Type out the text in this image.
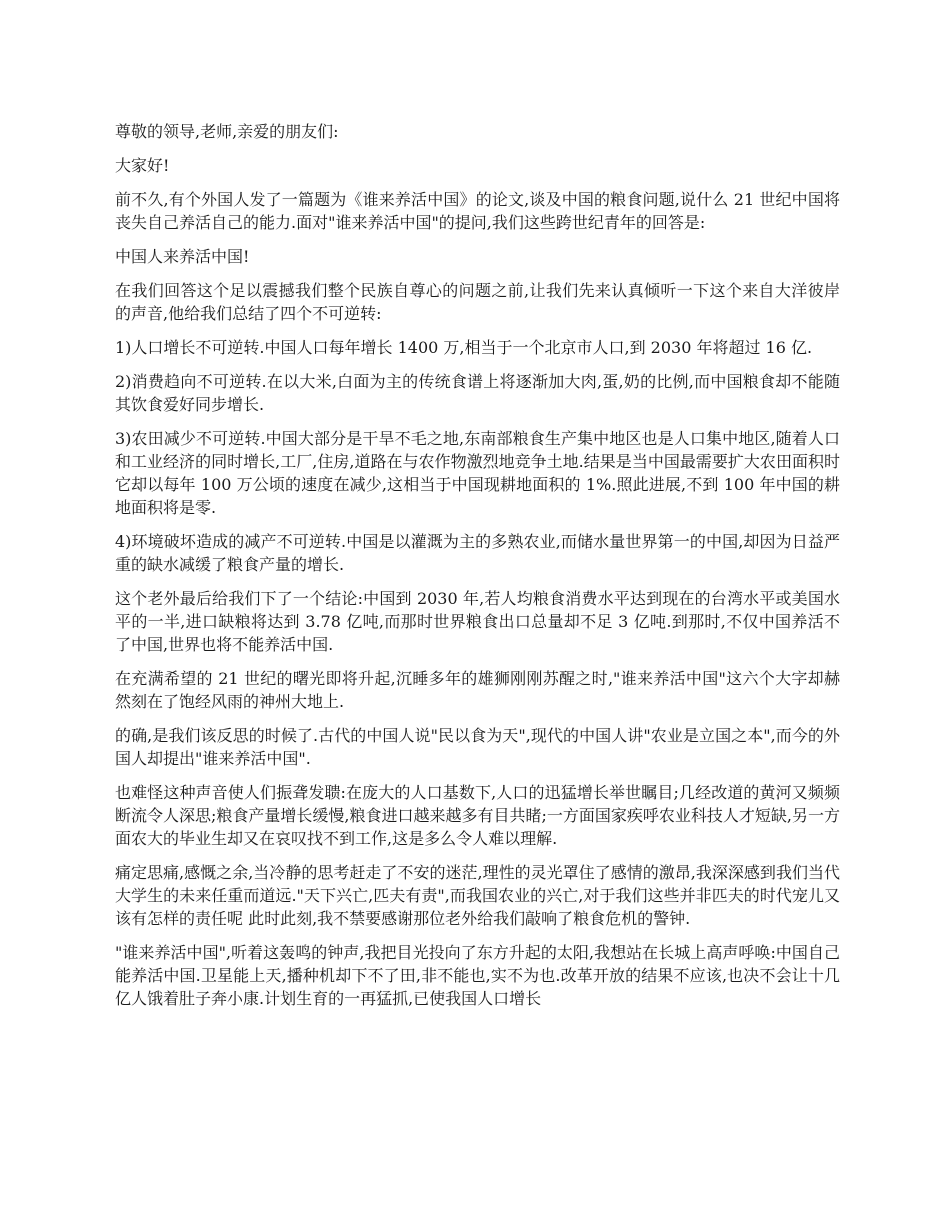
尊敬的领导,老师,亲爱的朋友们:

大家好!

前不久,有个外国人发了一篇题为《谁来养活中国》的论文,谈及中国的粮食问题,说什么 21 世纪中国将丧失自己养活自己的能力.面对"谁来养活中国"的提问,我们这些跨世纪青年的回答是:

中国人来养活中国!

在我们回答这个足以震撼我们整个民族自尊心的问题之前,让我们先来认真倾听一下这个来自大洋彼岸的声音,他给我们总结了四个不可逆转:

1)人口增长不可逆转.中国人口每年增长 1400 万,相当于一个北京市人口,到 2030 年将超过 16 亿.

2)消费趋向不可逆转.在以大米,白面为主的传统食谱上将逐渐加大肉,蛋,奶的比例,而中国粮食却不能随其饮食爱好同步增长.

3)农田减少不可逆转.中国大部分是干旱不毛之地,东南部粮食生产集中地区也是人口集中地区,随着人口和工业经济的同时增长,工厂,住房,道路在与农作物激烈地竞争土地.结果是当中国最需要扩大农田面积时它却以每年 100 万公顷的速度在减少,这相当于中国现耕地面积的 1%.照此进展,不到 100 年中国的耕地面积将是零.

4)环境破坏造成的减产不可逆转.中国是以灌溉为主的多熟农业,而储水量世界第一的中国,却因为日益严重的缺水减缓了粮食产量的增长.

这个老外最后给我们下了一个结论:中国到 2030 年,若人均粮食消费水平达到现在的台湾水平或美国水平的一半,进口缺粮将达到 3.78 亿吨,而那时世界粮食出口总量却不足 3 亿吨.到那时,不仅中国养活不了中国,世界也将不能养活中国.

在充满希望的 21 世纪的曙光即将升起,沉睡多年的雄狮刚刚苏醒之时,"谁来养活中国"这六个大字却赫然刻在了饱经风雨的神州大地上.

的确,是我们该反思的时候了.古代的中国人说"民以食为天",现代的中国人讲"农业是立国之本",而今的外国人却提出"谁来养活中国".

也难怪这种声音使人们振聋发聩:在庞大的人口基数下,人口的迅猛增长举世瞩目;几经改道的黄河又频频断流令人深思;粮食产量增长缓慢,粮食进口越来越多有目共睹;一方面国家疾呼农业科技人才短缺,另一方面农大的毕业生却又在哀叹找不到工作,这是多么令人难以理解.

痛定思痛,感慨之余,当冷静的思考赶走了不安的迷茫,理性的灵光罩住了感情的激昂,我深深感到我们当代大学生的未来任重而道远."天下兴亡,匹夫有责",而我国农业的兴亡,对于我们这些并非匹夫的时代宠儿又该有怎样的责任呢 此时此刻,我不禁要感谢那位老外给我们敲响了粮食危机的警钟.

"谁来养活中国",听着这轰鸣的钟声,我把目光投向了东方升起的太阳,我想站在长城上高声呼唤:中国自己能养活中国.卫星能上天,播种机却下不了田,非不能也,实不为也.改革开放的结果不应该,也决不会让十几亿人饿着肚子奔小康.计划生育的一再猛抓,已使我国人口增长
